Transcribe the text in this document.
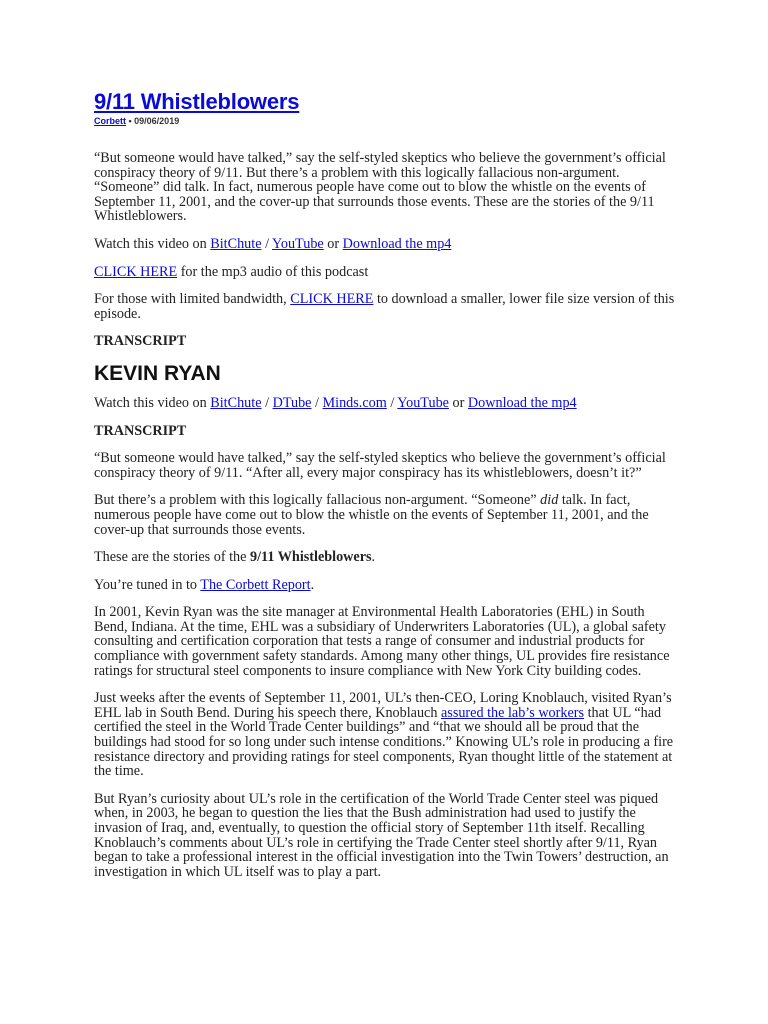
9/11 Whistleblowers
Corbett • 09/06/2019

“But someone would have talked,” say the self-styled skeptics who believe the government’s official conspiracy theory of 9/11. But there’s a problem with this logically fallacious non-argument. “Someone” did talk. In fact, numerous people have come out to blow the whistle on the events of September 11, 2001, and the cover-up that surrounds those events. These are the stories of the 9/11 Whistleblowers.

Watch this video on BitChute / YouTube or Download the mp4

CLICK HERE for the mp3 audio of this podcast

For those with limited bandwidth, CLICK HERE to download a smaller, lower file size version of this episode.

TRANSCRIPT

KEVIN RYAN

Watch this video on BitChute / DTube / Minds.com / YouTube or Download the mp4

TRANSCRIPT

“But someone would have talked,” say the self-styled skeptics who believe the government’s official conspiracy theory of 9/11. “After all, every major conspiracy has its whistleblowers, doesn’t it?”

But there’s a problem with this logically fallacious non-argument. “Someone” did talk. In fact, numerous people have come out to blow the whistle on the events of September 11, 2001, and the cover-up that surrounds those events.

These are the stories of the 9/11 Whistleblowers.

You’re tuned in to The Corbett Report.

In 2001, Kevin Ryan was the site manager at Environmental Health Laboratories (EHL) in South Bend, Indiana. At the time, EHL was a subsidiary of Underwriters Laboratories (UL), a global safety consulting and certification corporation that tests a range of consumer and industrial products for compliance with government safety standards. Among many other things, UL provides fire resistance ratings for structural steel components to insure compliance with New York City building codes.

Just weeks after the events of September 11, 2001, UL’s then-CEO, Loring Knoblauch, visited Ryan’s EHL lab in South Bend. During his speech there, Knoblauch assured the lab’s workers that UL “had certified the steel in the World Trade Center buildings” and “that we should all be proud that the buildings had stood for so long under such intense conditions.” Knowing UL’s role in producing a fire resistance directory and providing ratings for steel components, Ryan thought little of the statement at the time.

But Ryan’s curiosity about UL’s role in the certification of the World Trade Center steel was piqued when, in 2003, he began to question the lies that the Bush administration had used to justify the invasion of Iraq, and, eventually, to question the official story of September 11th itself. Recalling Knoblauch’s comments about UL’s role in certifying the Trade Center steel shortly after 9/11, Ryan began to take a professional interest in the official investigation into the Twin Towers’ destruction, an investigation in which UL itself was to play a part.
